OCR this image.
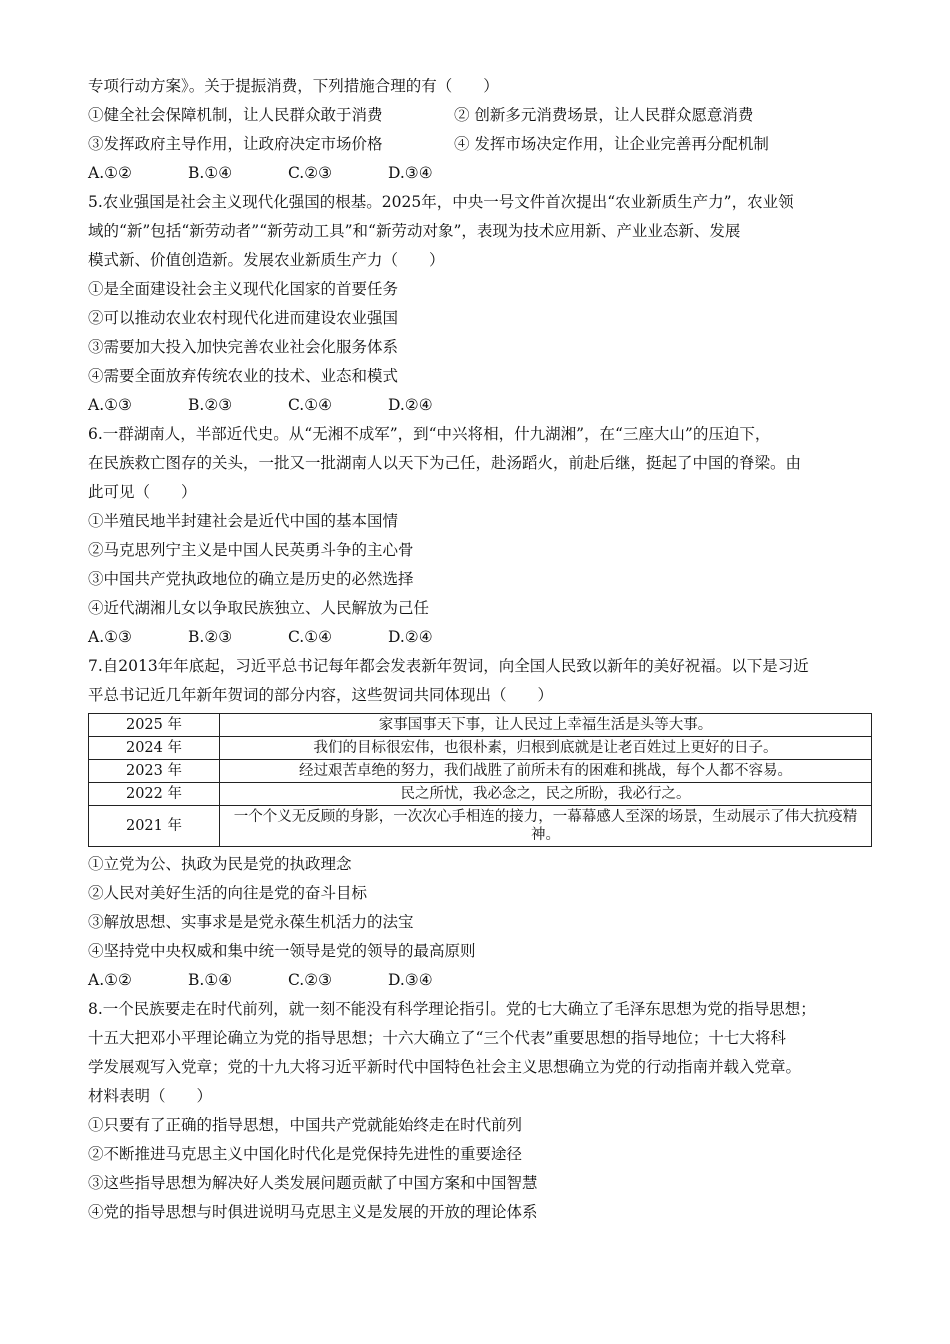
专项行动方案》。关于提振消费，下列措施合理的有（　　）
①健全社会保障机制，让人民群众敢于消费	② 创新多元消费场景，让人民群众愿意消费
③发挥政府主导作用，让政府决定市场价格	④ 发挥市场决定作用，让企业完善再分配机制
A.①②	B.①④	C.②③	D.③④
5.农业强国是社会主义现代化强国的根基。2025年，中央一号文件首次提出“农业新质生产力”，农业领
域的“新”包括“新劳动者”“新劳动工具”和“新劳动对象”，表现为技术应用新、产业业态新、发展
模式新、价值创造新。发展农业新质生产力（　　）
①是全面建设社会主义现代化国家的首要任务
②可以推动农业农村现代化进而建设农业强国
③需要加大投入加快完善农业社会化服务体系
④需要全面放弃传统农业的技术、业态和模式
A.①③	B.②③	C.①④	D.②④
6.一群湖南人，半部近代史。从“无湘不成军”，到“中兴将相，什九湖湘”，在“三座大山”的压迫下，
在民族救亡图存的关头，一批又一批湖南人以天下为己任，赴汤蹈火，前赴后继，挺起了中国的脊梁。由
此可见（　　）
①半殖民地半封建社会是近代中国的基本国情
②马克思列宁主义是中国人民英勇斗争的主心骨
③中国共产党执政地位的确立是历史的必然选择
④近代湖湘儿女以争取民族独立、人民解放为己任
A.①③	B.②③	C.①④	D.②④
7.自2013年年底起，习近平总书记每年都会发表新年贺词，向全国人民致以新年的美好祝福。以下是习近
平总书记近几年新年贺词的部分内容，这些贺词共同体现出（　　）
2025 年	家事国事天下事，让人民过上幸福生活是头等大事。
2024 年	我们的目标很宏伟，也很朴素，归根到底就是让老百姓过上更好的日子。
2023 年	经过艰苦卓绝的努力，我们战胜了前所未有的困难和挑战，每个人都不容易。
2022 年	民之所忧，我必念之，民之所盼，我必行之。
2021 年	一个个义无反顾的身影，一次次心手相连的接力，一幕幕感人至深的场景，生动展示了伟大抗疫精神。
①立党为公、执政为民是党的执政理念
②人民对美好生活的向往是党的奋斗目标
③解放思想、实事求是是党永葆生机活力的法宝
④坚持党中央权威和集中统一领导是党的领导的最高原则
A.①②	B.①④	C.②③	D.③④
8.一个民族要走在时代前列，就一刻不能没有科学理论指引。党的七大确立了毛泽东思想为党的指导思想；
十五大把邓小平理论确立为党的指导思想；十六大确立了“三个代表”重要思想的指导地位；十七大将科
学发展观写入党章；党的十九大将习近平新时代中国特色社会主义思想确立为党的行动指南并载入党章。
材料表明（　　）
①只要有了正确的指导思想，中国共产党就能始终走在时代前列
②不断推进马克思主义中国化时代化是党保持先进性的重要途径
③这些指导思想为解决好人类发展问题贡献了中国方案和中国智慧
④党的指导思想与时俱进说明马克思主义是发展的开放的理论体系
